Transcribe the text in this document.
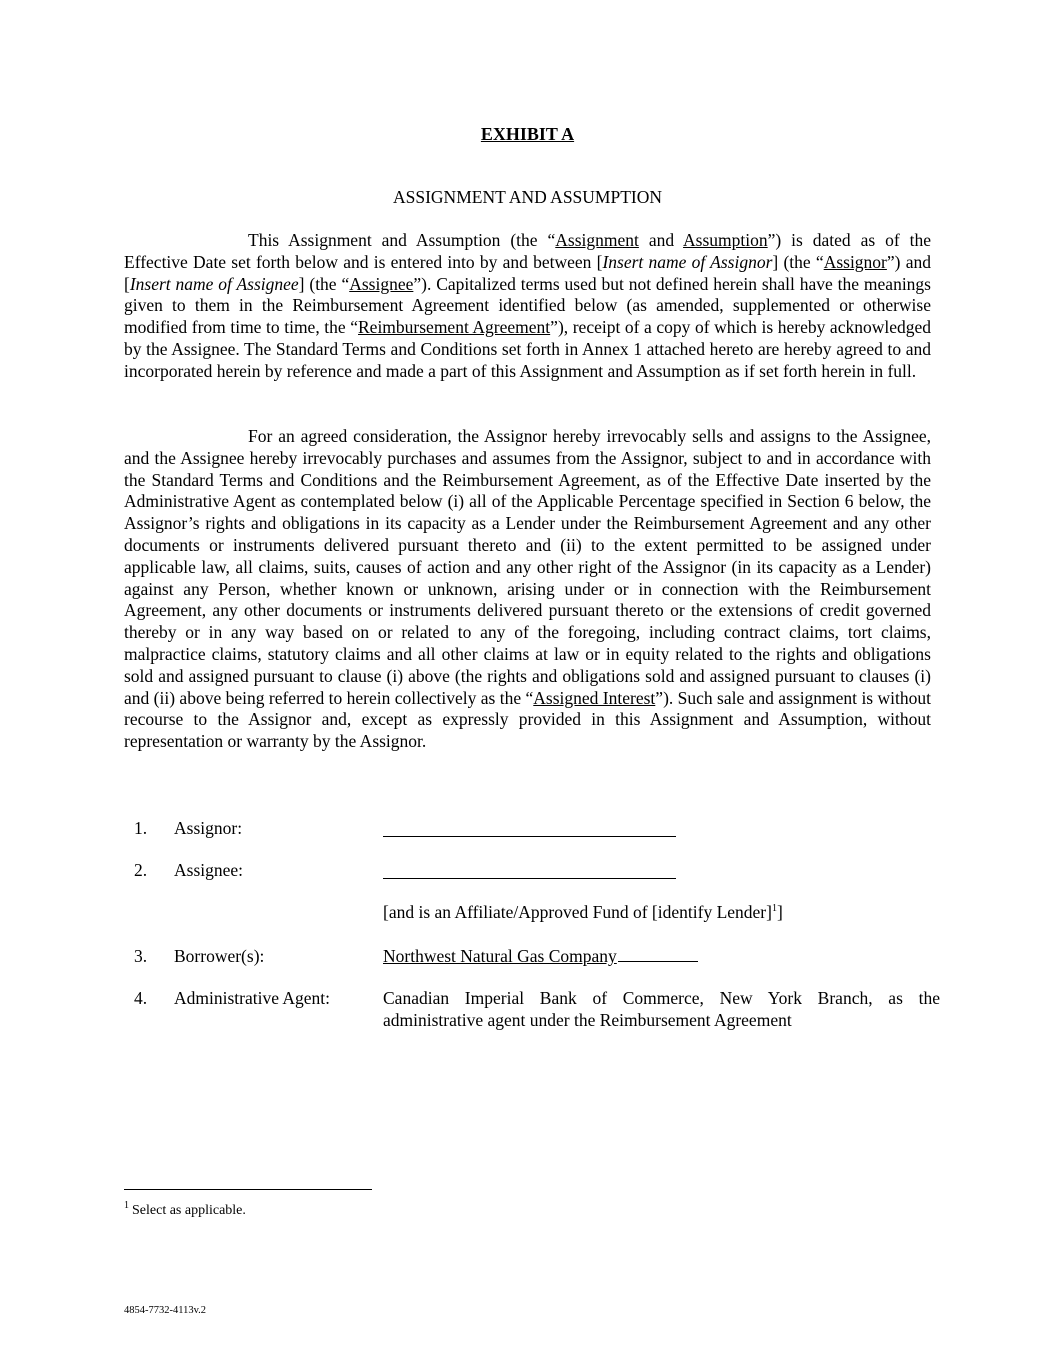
EXHIBIT A
ASSIGNMENT AND ASSUMPTION

This Assignment and Assumption (the “Assignment and Assumption”) is dated as of the Effective Date set forth below and is entered into by and between [Insert name of Assignor] (the “Assignor”) and [Insert name of Assignee] (the “Assignee”). Capitalized terms used but not defined herein shall have the meanings given to them in the Reimbursement Agreement identified below (as amended, supplemented or otherwise modified from time to time, the “Reimbursement Agreement”), receipt of a copy of which is hereby acknowledged by the Assignee. The Standard Terms and Conditions set forth in Annex 1 attached hereto are hereby agreed to and incorporated herein by reference and made a part of this Assignment and Assumption as if set forth herein in full.

For an agreed consideration, the Assignor hereby irrevocably sells and assigns to the Assignee, and the Assignee hereby irrevocably purchases and assumes from the Assignor, subject to and in accordance with the Standard Terms and Conditions and the Reimbursement Agreement, as of the Effective Date inserted by the Administrative Agent as contemplated below (i) all of the Applicable Percentage specified in Section 6 below, the Assignor’s rights and obligations in its capacity as a Lender under the Reimbursement Agreement and any other documents or instruments delivered pursuant thereto and (ii) to the extent permitted to be assigned under applicable law, all claims, suits, causes of action and any other right of the Assignor (in its capacity as a Lender) against any Person, whether known or unknown, arising under or in connection with the Reimbursement Agreement, any other documents or instruments delivered pursuant thereto or the extensions of credit governed thereby or in any way based on or related to any of the foregoing, including contract claims, tort claims, malpractice claims, statutory claims and all other claims at law or in equity related to the rights and obligations sold and assigned pursuant to clause (i) above (the rights and obligations sold and assigned pursuant to clauses (i) and (ii) above being referred to herein collectively as the “Assigned Interest”). Such sale and assignment is without recourse to the Assignor and, except as expressly provided in this Assignment and Assumption, without representation or warranty by the Assignor.

1. Assignor:
2. Assignee:
[and is an Affiliate/Approved Fund of [identify Lender]$^1$]
3. Borrower(s):	Northwest Natural Gas Company
4. Administrative Agent:	Canadian Imperial Bank of Commerce, New York Branch, as the
administrative agent under the Reimbursement Agreement
$^1$ Select as applicable.
4854-7732-4113v.2
